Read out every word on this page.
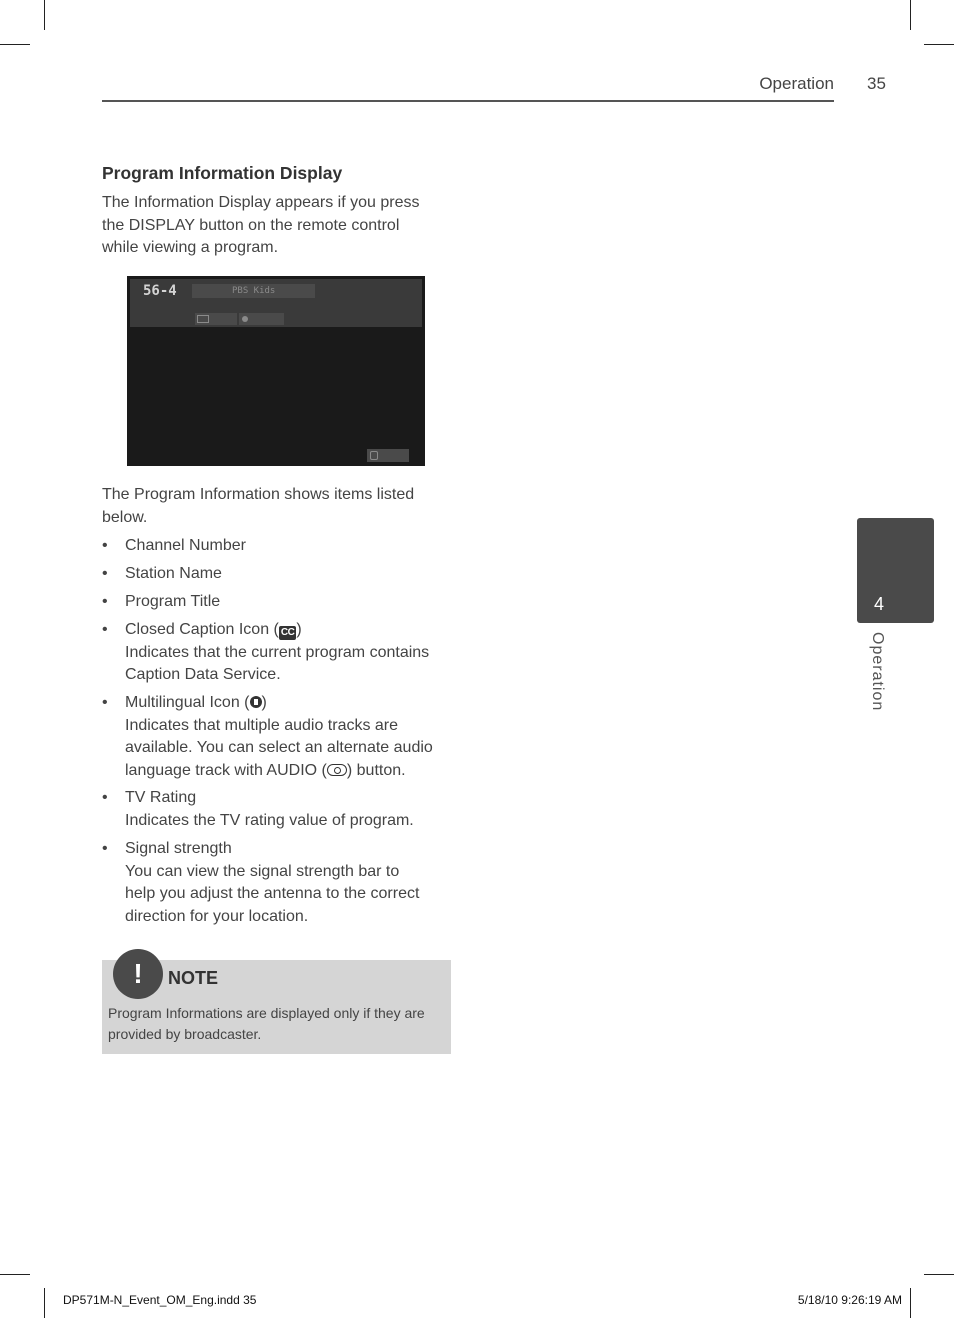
Operation 35
Program Information Display

The Information Display appears if you press
the DISPLAY button on the remote control
while viewing a program.

56-4	PBS Kids

The Program Information shows items listed
below.

• Channel Number
• Station Name
• Program Title
• Closed Caption Icon ( CC )
Indicates that the current program contains
Caption Data Service.
• Multilingual Icon ( )
Indicates that multiple audio tracks are
available. You can select an alternate audio
language track with AUDIO ( ) button.
• TV Rating
Indicates the TV rating value of program.
• Signal strength
You can view the signal strength bar to
help you adjust the antenna to the correct
direction for your location.
!	NOTE

Program Informations are displayed only if they are
provided by broadcaster.

4
Operation
DP571M-N_Event_OM_Eng.indd 35	5/18/10 9:26:19 AM
